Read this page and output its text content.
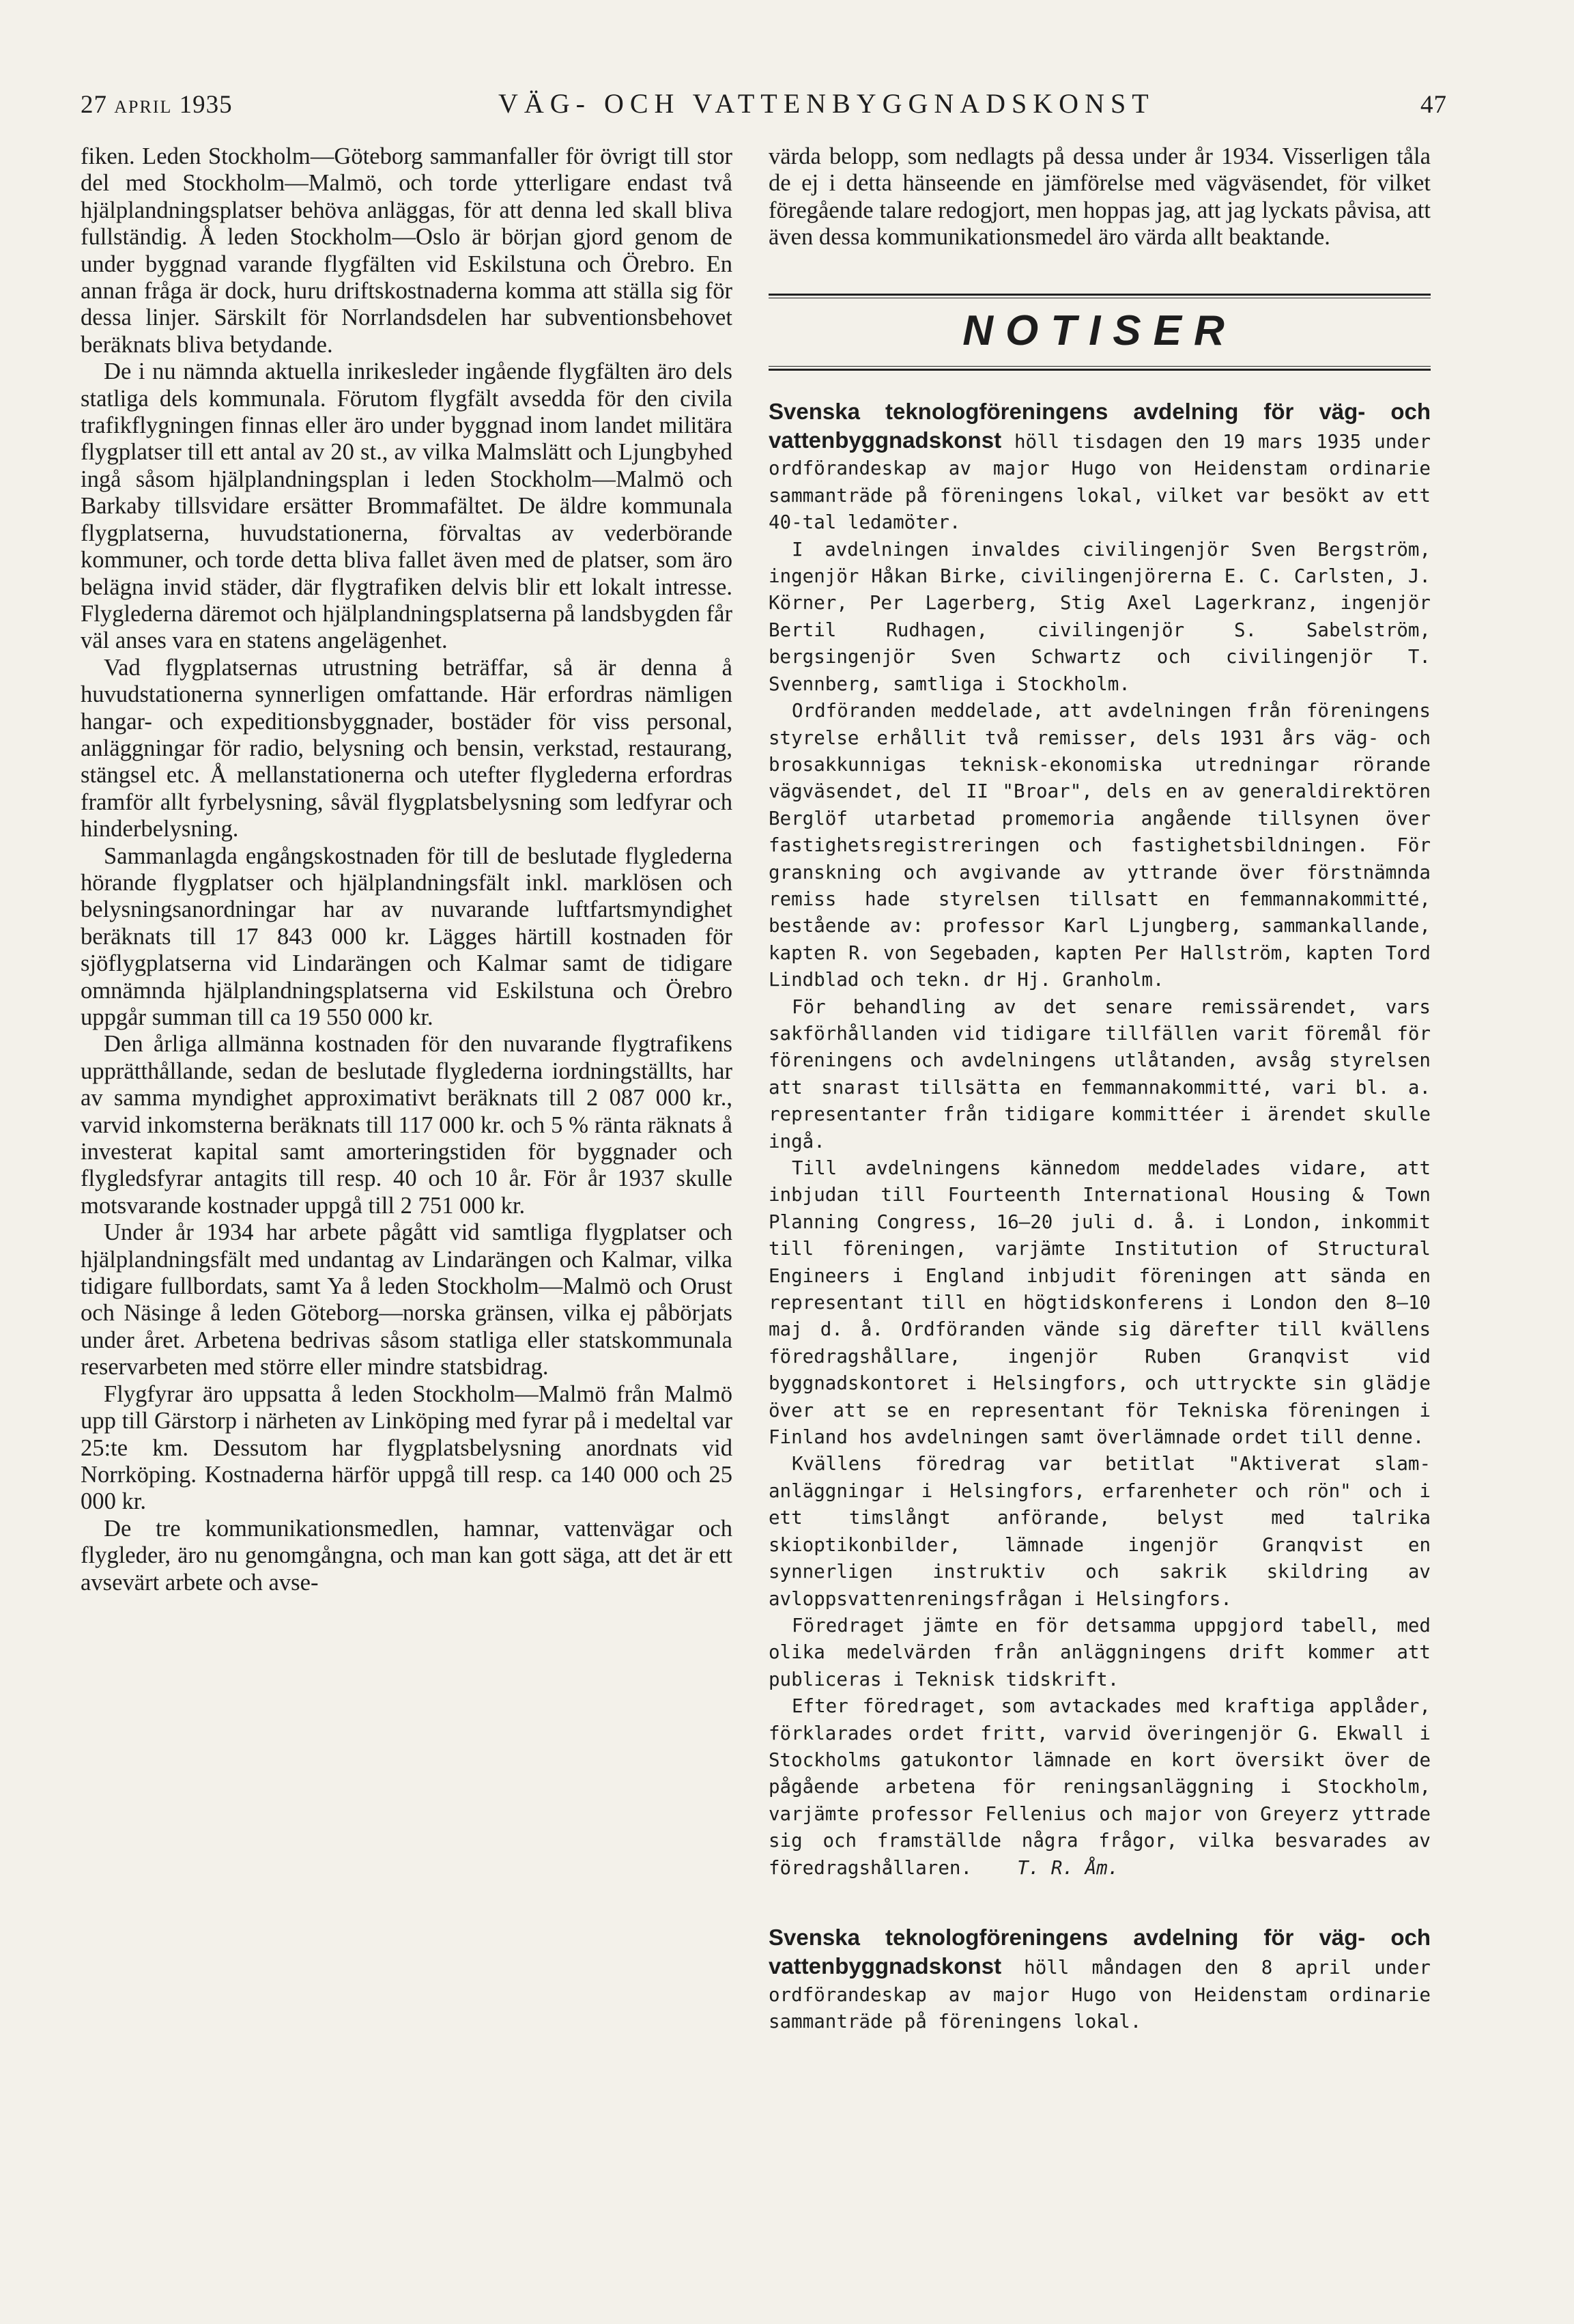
27 APRIL 1935	VÄG- OCH VATTENBYGGNADSKONST	47

fiken. Leden Stockholm—Göteborg sammanfaller för övrigt till stor del med Stockholm—Malmö, och torde ytterligare endast två hjälplandningsplatser behöva anläggas, för att denna led skall bliva fullständig. Å leden Stockholm—Oslo är början gjord genom de under byggnad varande flygfälten vid Eskilstuna och Örebro. En annan fråga är dock, huru driftskostnaderna komma att ställa sig för dessa linjer. Särskilt för Norrlandsdelen har subventionsbehovet beräknats bliva betydande.

De i nu nämnda aktuella inrikesleder ingående flygfälten äro dels statliga dels kommunala. Förutom flygfält avsedda för den civila trafikflygningen finnas eller äro under byggnad inom landet militära flygplatser till ett antal av 20 st., av vilka Malmslätt och Ljungbyhed ingå såsom hjälplandningsplan i leden Stockholm—Malmö och Barkaby tillsvidare ersätter Brommafältet. De äldre kommunala flygplatserna, huvudstationerna, förvaltas av vederbörande kommuner, och torde detta bliva fallet även med de platser, som äro belägna invid städer, där flygtrafiken delvis blir ett lokalt intresse. Flyglederna däremot och hjälplandningsplatserna på landsbygden får väl anses vara en statens angelägenhet.

Vad flygplatsernas utrustning beträffar, så är denna å huvudstationerna synnerligen omfattande. Här erfordras nämligen hangar- och expeditionsbyggnader, bostäder för viss personal, anläggningar för radio, belysning och bensin, verkstad, restaurang, stängsel etc. Å mellanstationerna och utefter flyglederna erfordras framför allt fyrbelysning, såväl flygplatsbelysning som ledfyrar och hinderbelysning.

Sammanlagda engångskostnaden för till de beslutade flyglederna hörande flygplatser och hjälplandningsfält inkl. marklösen och belysningsanordningar har av nuvarande luftfartsmyndighet beräknats till 17 843 000 kr. Lägges härtill kostnaden för sjöflygplatserna vid Lindarängen och Kalmar samt de tidigare omnämnda hjälplandningsplatserna vid Eskilstuna och Örebro uppgår summan till ca 19 550 000 kr.

Den årliga allmänna kostnaden för den nuvarande flygtrafikens upprätthållande, sedan de beslutade flyglederna iordningställts, har av samma myndighet approximativt beräknats till 2 087 000 kr., varvid inkomsterna beräknats till 117 000 kr. och 5 % ränta räknats å investerat kapital samt amorteringstiden för byggnader och flygledsfyrar antagits till resp. 40 och 10 år. För år 1937 skulle motsvarande kostnader uppgå till 2 751 000 kr.

Under år 1934 har arbete pågått vid samtliga flygplatser och hjälplandningsfält med undantag av Lindarängen och Kalmar, vilka tidigare fullbordats, samt Ya å leden Stockholm—Malmö och Orust och Näsinge å leden Göteborg—norska gränsen, vilka ej påbörjats under året. Arbetena bedrivas såsom statliga eller statskommunala reservarbeten med större eller mindre statsbidrag.

Flygfyrar äro uppsatta å leden Stockholm—Malmö från Malmö upp till Gärstorp i närheten av Linköping med fyrar på i medeltal var 25:te km. Dessutom har flygplatsbelysning anordnats vid Norrköping. Kostnaderna härför uppgå till resp. ca 140 000 och 25 000 kr.

De tre kommunikationsmedlen, hamnar, vattenvägar och flygleder, äro nu genomgångna, och man kan gott säga, att det är ett avsevärt arbete och avse-

värda belopp, som nedlagts på dessa under år 1934. Visserligen tåla de ej i detta hänseende en jämförelse med vägväsendet, för vilket föregående talare redogjort, men hoppas jag, att jag lyckats påvisa, att även dessa kommunikationsmedel äro värda allt beaktande.

NOTISER

Svenska teknologföreningens avdelning för väg- och vattenbyggnadskonst höll tisdagen den 19 mars 1935 under ordförandeskap av major Hugo von Heidenstam ordinarie sammanträde på föreningens lokal, vilket var besökt av ett 40-tal ledamöter.

I avdelningen invaldes civilingenjör Sven Bergström, ingenjör Håkan Birke, civilingenjörerna E. C. Carlsten, J. Körner, Per Lagerberg, Stig Axel Lagerkranz, ingenjör Bertil Rudhagen, civilingenjör S. Sabelström, bergsingenjör Sven Schwartz och civilingenjör T. Svennberg, samtliga i Stockholm.

Ordföranden meddelade, att avdelningen från föreningens styrelse erhållit två remisser, dels 1931 års väg- och brosakkunnigas teknisk-ekonomiska utredningar rörande vägväsendet, del II "Broar", dels en av generaldirektören Berglöf utarbetad promemoria angående tillsynen över fastighetsregistreringen och fastighetsbildningen. För granskning och avgivande av yttrande över förstnämnda remiss hade styrelsen tillsatt en femmannakommitté, bestående av: professor Karl Ljungberg, sammankallande, kapten R. von Segebaden, kapten Per Hallström, kapten Tord Lindblad och tekn. dr Hj. Granholm.

För behandling av det senare remissärendet, vars sakförhållanden vid tidigare tillfällen varit föremål för föreningens och avdelningens utlåtanden, avsåg styrelsen att snarast tillsätta en femmannakommitté, vari bl. a. representanter från tidigare kommittéer i ärendet skulle ingå.

Till avdelningens kännedom meddelades vidare, att inbjudan till Fourteenth International Housing & Town Planning Congress, 16—20 juli d. å. i London, inkommit till föreningen, varjämte Institution of Structural Engineers i England inbjudit föreningen att sända en representant till en högtidskonferens i London den 8—10 maj d. å. Ordföranden vände sig därefter till kvällens föredragshållare, ingenjör Ruben Granqvist vid byggnadskontoret i Helsingfors, och uttryckte sin glädje över att se en representant för Tekniska föreningen i Finland hos avdelningen samt överlämnade ordet till denne.

Kvällens föredrag var betitlat "Aktiverat slam-anläggningar i Helsingfors, erfarenheter och rön" och i ett timslångt anförande, belyst med talrika skioptikonbilder, lämnade ingenjör Granqvist en synnerligen instruktiv och sakrik skildring av avloppsvattenreningsfrågan i Helsingfors.

Föredraget jämte en för detsamma uppgjord tabell, med olika medelvärden från anläggningens drift kommer att publiceras i Teknisk tidskrift.

Efter föredraget, som avtackades med kraftiga applåder, förklarades ordet fritt, varvid överingenjör G. Ekwall i Stockholms gatukontor lämnade en kort översikt över de pågående arbetena för reningsanläggning i Stockholm, varjämte professor Fellenius och major von Greyerz yttrade sig och framställde några frågor, vilka besvarades av föredragshållaren. T. R. Åm.

Svenska teknologföreningens avdelning för väg- och vattenbyggnadskonst höll måndagen den 8 april under ordförandeskap av major Hugo von Heidenstam ordinarie sammanträde på föreningens lokal.
